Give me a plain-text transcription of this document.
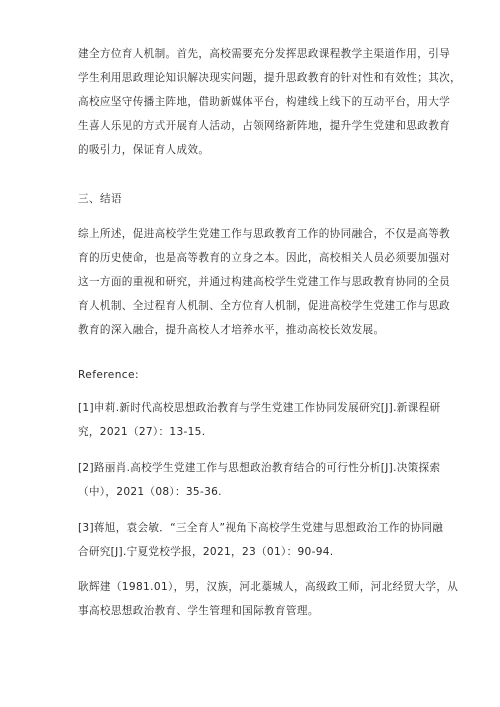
建全方位育人机制。首先，高校需要充分发挥思政课程教学主渠道作用，引导
学生利用思政理论知识解决现实问题，提升思政教育的针对性和有效性；其次，
高校应坚守传播主阵地，借助新媒体平台，构建线上线下的互动平台，用大学
生喜人乐见的方式开展育人活动，占领网络新阵地，提升学生党建和思政教育
的吸引力，保证育人成效。

三、结语

综上所述，促进高校学生党建工作与思政教育工作的协同融合，不仅是高等教
育的历史使命，也是高等教育的立身之本。因此，高校相关人员必须要加强对
这一方面的重视和研究，并通过构建高校学生党建工作与思政教育协同的全员
育人机制、全过程育人机制、全方位育人机制，促进高校学生党建工作与思政
教育的深入融合，提升高校人才培养水平，推动高校长效发展。

Reference:

[1]申莉.新时代高校思想政治教育与学生党建工作协同发展研究[J].新课程研
究，2021（27）：13-15.

[2]路丽肖.高校学生党建工作与思想政治教育结合的可行性分析[J].决策探索
（中），2021（08）：35-36.

[3]蒋旭，袁会敏．“三全育人”视角下高校学生党建与思想政治工作的协同融
合研究[J].宁夏党校学报，2021，23（01）：90-94.

耿辉建（1981.01），男，汉族，河北藁城人，高级政工师，河北经贸大学，从
事高校思想政治教育、学生管理和国际教育管理。
